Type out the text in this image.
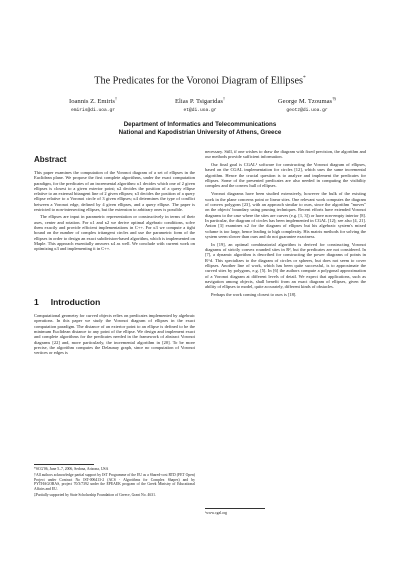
The Predicates for the Voronoi Diagram of Ellipses*
Ioannis Z. Emiris†
emiris@di.uoa.gr
Elias P. Tsigaridas†
et@di.uoa.gr
George M. Tzoumas†§
geotz@di.uoa.gr
Department of Informatics and Telecommunications
National and Kapodistrian University of Athens, Greece
Abstract

This paper examines the computation of the Voronoi diagram of a set of ellipses in the Euclidean plane. We propose the first complete algorithms, under the exact computation paradigm, for the predicates of an incremental algorithm: κ1 decides which one of 2 given ellipses is closest to a given exterior point; κ2 decides the position of a query ellipse relative to an external bitangent line of 2 given ellipses; κ3 decides the position of a query ellipse relative to a Voronoi circle of 3 given ellipses; κ4 determines the type of conflict between a Voronoi edge, defined by 4 given ellipses, and a query ellipse. The paper is restricted to non-intersecting ellipses, but the extension to arbitrary ones is possible.

The ellipses are input in parametric representation or constructively in terms of their axes, center and rotation. For κ1 and κ2 we derive optimal algebraic conditions, solve them exactly and provide efficient implementations in C++. For κ3 we compute a tight bound on the number of complex tritangent circles and use the parametric form of the ellipses in order to design an exact subdivision-based algorithm, which is implemented on Maple. This approach essentially answers κ4 as well. We conclude with current work on optimizing κ3 and implementing it in C++.

1 Introduction

Computational geometry for curved objects relies on predicates implemented by algebraic operations. In this paper we study the Voronoi diagram of ellipses in the exact computation paradigm. The distance of an exterior point to an ellipse is defined to be the minimum Euclidean distance to any point of the ellipse. We design and implement exact and complete algorithms for the predicates needed in the framework of abstract Voronoi diagrams [22] and, more particularly, the incremental algorithm in [20]. To be more precise, the algorithm computes the Delaunay graph, since no computation of Voronoi vertices or edges is

*SCG'06, June 5–7, 2006, Sedona, Arizona, USA

†All authors acknowledge partial support by IST Programme of the EU as a Shared-cost RTD (FET Open) Project under Contract No IST-006413-2 (ACS - Algorithms for Complex Shapes) and by PYTHAGORAS, project 70/3/7392 under the EPEAEK program of the Greek Ministry of Educational Affairs and EU.

‡Partially supported by State Scholarship Foundation of Greece, Grant No. 4631.

necessary. Still, if one wishes to draw the diagram with fixed precision, the algorithm and our methods provide sufficient information.

Our final goal is CGAL¹ software for constructing the Voronoi diagram of ellipses, based on the CGAL implementation for circles [12], which uses the same incremental algorithm. Hence the crucial question is to analyze and implement the predicates for ellipses. Some of the presented predicates are also needed in computing the visibility complex and the convex hull of ellipses.

Voronoi diagrams have been studied extensively, however the bulk of the existing work in the plane concerns point or linear sites. One relevant work computes the diagram of convex polygons [23], with an approach similar to ours, since the algorithm "moves" on the objects' boundary using pruning techniques. Recent efforts have extended Voronoi diagrams to the case where the sites are curves (e.g. [1, 3]) or have non-empty interior [8]. In particular, the diagram of circles has been implemented in CGAL [12]; see also [4, 21]. Anton [3] examines κ2 for the diagram of ellipses but his algebraic system's mixed volume is too large, hence leading to high complexity. His matrix methods for solving the system seem slower than ours and do not guarantee exactness.

In [19], an optimal combinatorial algorithm is derived for constructing Voronoi diagrams of strictly convex rounded sites in R², but the predicates are not considered. In [7], a dynamic algorithm is described for constructing the power diagrams of points in R^d. This specializes to the diagram of circles or spheres, but does not seem to cover ellipses. Another line of work, which has been quite successful, is to approximate the curved sites by polygons, e.g. [5]. In [6] the authors compute a polygonal approximation of a Voronoi diagram at different levels of detail. We expect that applications, such as navigation among objects, shall benefit from an exact diagram of ellipses, given the ability of ellipses to model, quite accurately, different kinds of obstacles.

Perhaps the work coming closest to ours is [18].

¹www.cgal.org
